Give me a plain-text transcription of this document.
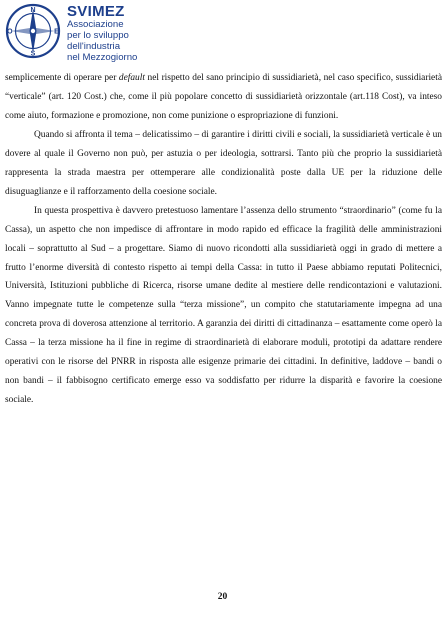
N
S
E
O
SVIMEZ
Associazione
per lo sviluppo
dell'industria
nel Mezzogiorno

semplicemente di operare per default nel rispetto del sano principio di sussidiarietà, nel caso specifico, sussidiarietà “verticale” (art. 120 Cost.) che, come il più popolare concetto di sussidiarietà orizzontale (art.118 Cost), va inteso come aiuto, formazione e promozione, non come punizione o espropriazione di funzioni.

Quando si affronta il tema – delicatissimo – di garantire i diritti civili e sociali, la sussidiarietà verticale è un dovere al quale il Governo non può, per astuzia o per ideologia, sottrarsi. Tanto più che proprio la sussidiarietà rappresenta la strada maestra per ottemperare alle condizionalità poste dalla UE per la riduzione delle disuguaglianze e il rafforzamento della coesione sociale.

In questa prospettiva è davvero pretestuoso lamentare l’assenza dello strumento “straordinario” (come fu la Cassa), un aspetto che non impedisce di affrontare in modo rapido ed efficace la fragilità delle amministrazioni locali – soprattutto al Sud – a progettare. Siamo di nuovo ricondotti alla sussidiarietà oggi in grado di mettere a frutto l’enorme diversità di contesto rispetto ai tempi della Cassa: in tutto il Paese abbiamo reputati Politecnici, Università, Istituzioni pubbliche di Ricerca, risorse umane dedite al mestiere delle rendicontazioni e valutazioni. Vanno impegnate tutte le competenze sulla “terza missione”, un compito che statutariamente impegna ad una concreta prova di doverosa attenzione al territorio. A garanzia dei diritti di cittadinanza – esattamente come operò la Cassa – la terza missione ha il fine in regime di straordinarietà di elaborare moduli, prototipi da adattare rendere operativi con le risorse del PNRR in risposta alle esigenze primarie dei cittadini. In definitive, laddove – bandi o non bandi – il fabbisogno certificato emerge esso va soddisfatto per ridurre la disparità e favorire la coesione sociale.

20
